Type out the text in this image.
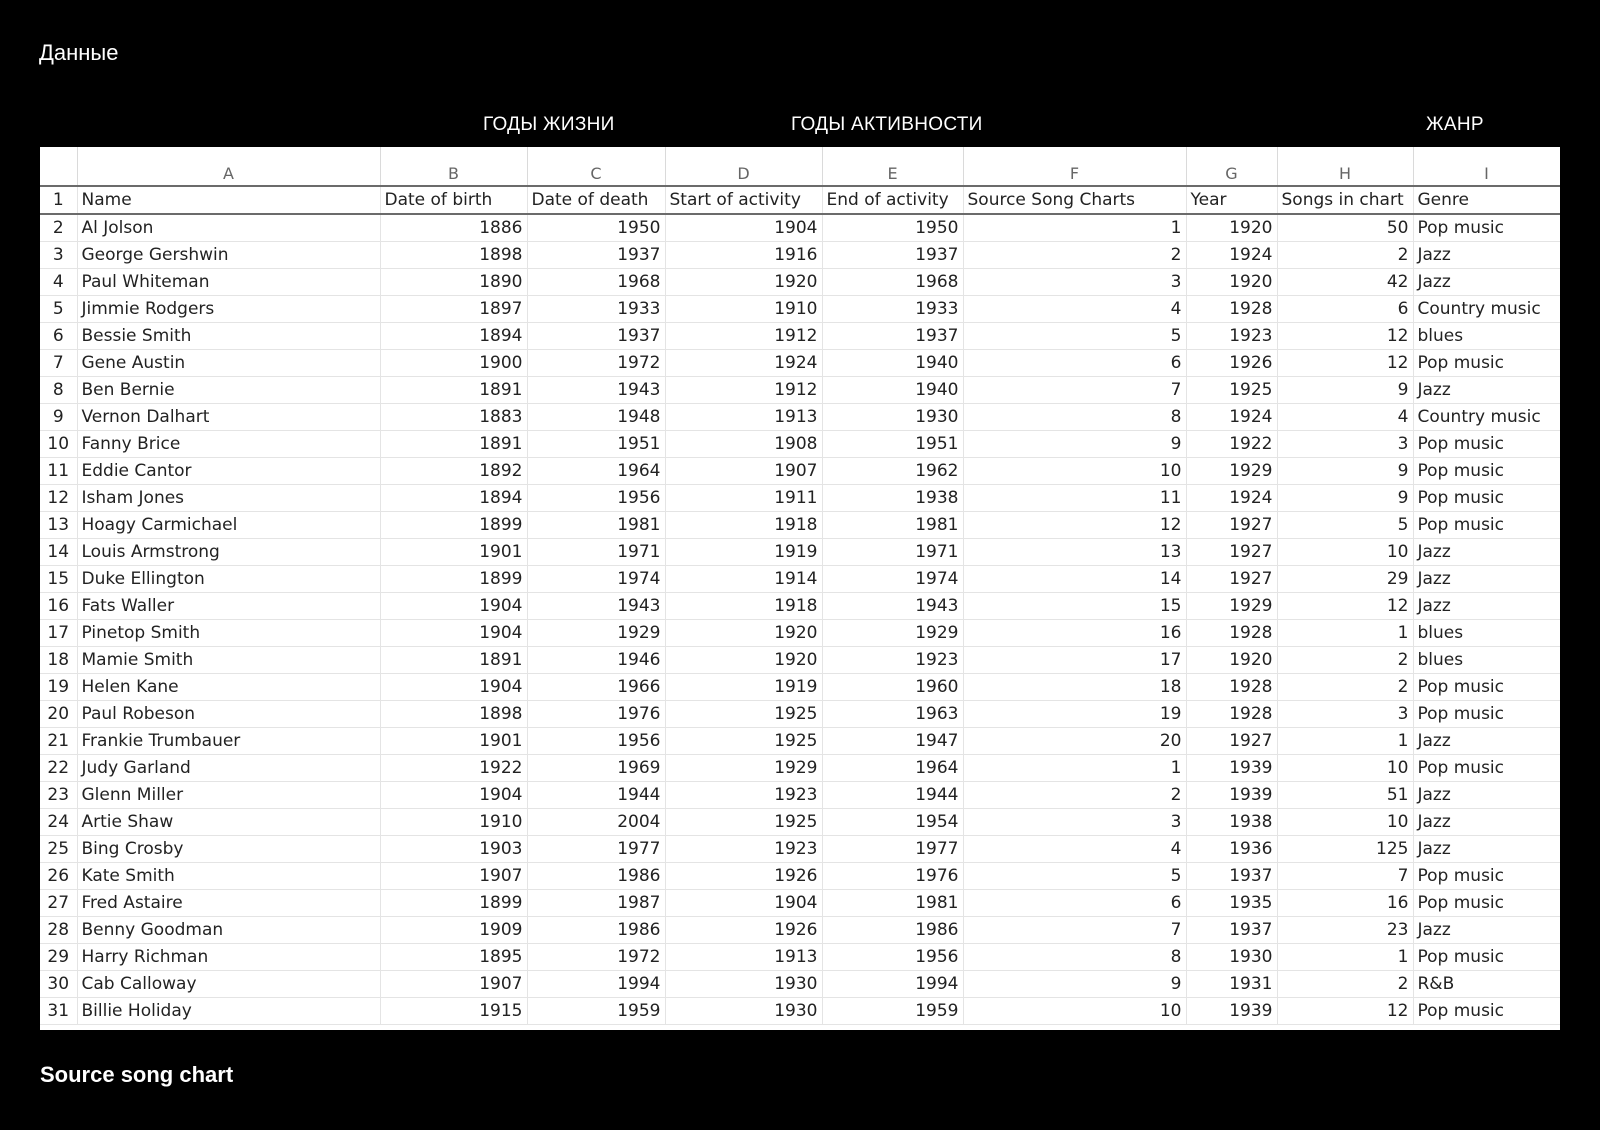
Данные
ГОДЫ ЖИЗНИ	ГОДЫ АКТИВНОСТИ	ЖАНР
	A	B	C	D	E	F	G	H	I
1	Name	Date of birth	Date of death	Start of activity	End of activity	Source Song Charts	Year	Songs in chart	Genre
2	Al Jolson	1886	1950	1904	1950	1	1920	50	Pop music
3	George Gershwin	1898	1937	1916	1937	2	1924	2	Jazz
4	Paul Whiteman	1890	1968	1920	1968	3	1920	42	Jazz
5	Jimmie Rodgers	1897	1933	1910	1933	4	1928	6	Country music
6	Bessie Smith	1894	1937	1912	1937	5	1923	12	blues
7	Gene Austin	1900	1972	1924	1940	6	1926	12	Pop music
8	Ben Bernie	1891	1943	1912	1940	7	1925	9	Jazz
9	Vernon Dalhart	1883	1948	1913	1930	8	1924	4	Country music
10	Fanny Brice	1891	1951	1908	1951	9	1922	3	Pop music
11	Eddie Cantor	1892	1964	1907	1962	10	1929	9	Pop music
12	Isham Jones	1894	1956	1911	1938	11	1924	9	Pop music
13	Hoagy Carmichael	1899	1981	1918	1981	12	1927	5	Pop music
14	Louis Armstrong	1901	1971	1919	1971	13	1927	10	Jazz
15	Duke Ellington	1899	1974	1914	1974	14	1927	29	Jazz
16	Fats Waller	1904	1943	1918	1943	15	1929	12	Jazz
17	Pinetop Smith	1904	1929	1920	1929	16	1928	1	blues
18	Mamie Smith	1891	1946	1920	1923	17	1920	2	blues
19	Helen Kane	1904	1966	1919	1960	18	1928	2	Pop music
20	Paul Robeson	1898	1976	1925	1963	19	1928	3	Pop music
21	Frankie Trumbauer	1901	1956	1925	1947	20	1927	1	Jazz
22	Judy Garland	1922	1969	1929	1964	1	1939	10	Pop music
23	Glenn Miller	1904	1944	1923	1944	2	1939	51	Jazz
24	Artie Shaw	1910	2004	1925	1954	3	1938	10	Jazz
25	Bing Crosby	1903	1977	1923	1977	4	1936	125	Jazz
26	Kate Smith	1907	1986	1926	1976	5	1937	7	Pop music
27	Fred Astaire	1899	1987	1904	1981	6	1935	16	Pop music
28	Benny Goodman	1909	1986	1926	1986	7	1937	23	Jazz
29	Harry Richman	1895	1972	1913	1956	8	1930	1	Pop music
30	Cab Calloway	1907	1994	1930	1994	9	1931	2	R&B
31	Billie Holiday	1915	1959	1930	1959	10	1939	12	Pop music
Source song chart
